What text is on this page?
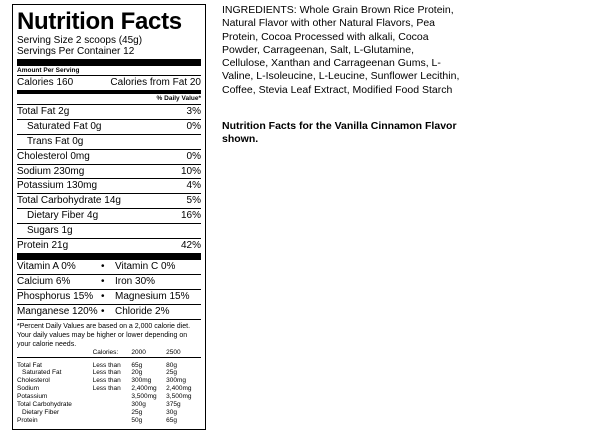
Nutrition Facts
Serving Size 2 scoops (45g)
Servings Per Container 12
Amount Per Serving
Calories 160	Calories from Fat 20
% Daily Value*
Total Fat 2g	3%
Saturated Fat 0g	0%
Trans Fat 0g
Cholesterol 0mg	0%
Sodium 230mg	10%
Potassium 130mg	4%
Total Carbohydrate 14g	5%
Dietary Fiber 4g	16%
Sugars 1g
Protein 21g	42%
Vitamin A 0%	•	Vitamin C 0%
Calcium 6%	•	Iron 30%
Phosphorus 15% •	Magnesium 15%
Manganese 120% •	Chloride 2%
*Percent Daily Values are based on a 2,000 calorie diet. Your daily values may be higher or lower depending on your calorie needs.
	Calories:	2000	2500

Total Fat	Less than	65g	80g
Saturated Fat	Less than	20g	25g
Cholesterol	Less than	300mg	300mg
Sodium	Less than	2,400mg	2,400mg
Potassium		3,500mg	3,500mg
Total Carbohydrate		300g	375g
Dietary Fiber		25g	30g
Protein		50g	65g
INGREDIENTS: Whole Grain Brown Rice Protein, Natural Flavor with other Natural Flavors, Pea Protein, Cocoa Processed with alkali, Cocoa Powder, Carrageenan, Salt, L-Glutamine, Cellulose, Xanthan and Carrageenan Gums, L-Valine, L-Isoleucine, L-Leucine, Sunflower Lecithin, Coffee, Stevia Leaf Extract, Modified Food Starch
Nutrition Facts for the Vanilla Cinnamon Flavor shown.
